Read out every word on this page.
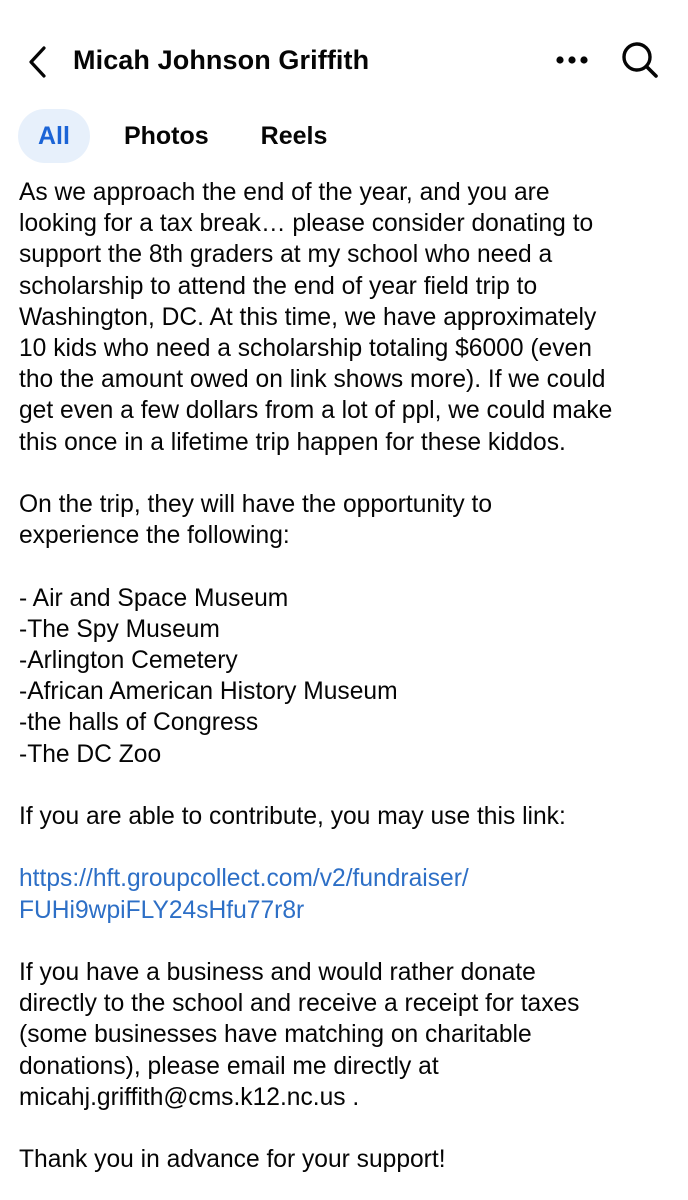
Micah Johnson Griffith
All	Photos	Reels

As we approach the end of the year, and you are
looking for a tax break… please consider donating to
support the 8th graders at my school who need a
scholarship to attend the end of year field trip to
Washington, DC. At this time, we have approximately
10 kids who need a scholarship totaling $6000 (even
tho the amount owed on link shows more). If we could
get even a few dollars from a lot of ppl, we could make
this once in a lifetime trip happen for these kiddos.

On the trip, they will have the opportunity to
experience the following:

- Air and Space Museum
-The Spy Museum
-Arlington Cemetery
-African American History Museum
-the halls of Congress
-The DC Zoo

If you are able to contribute, you may use this link:

https://hft.groupcollect.com/v2/fundraiser/
FUHi9wpiFLY24sHfu77r8r

If you have a business and would rather donate
directly to the school and receive a receipt for taxes
(some businesses have matching on charitable
donations), please email me directly at
micahj.griffith@cms.k12.nc.us .

Thank you in advance for your support!
